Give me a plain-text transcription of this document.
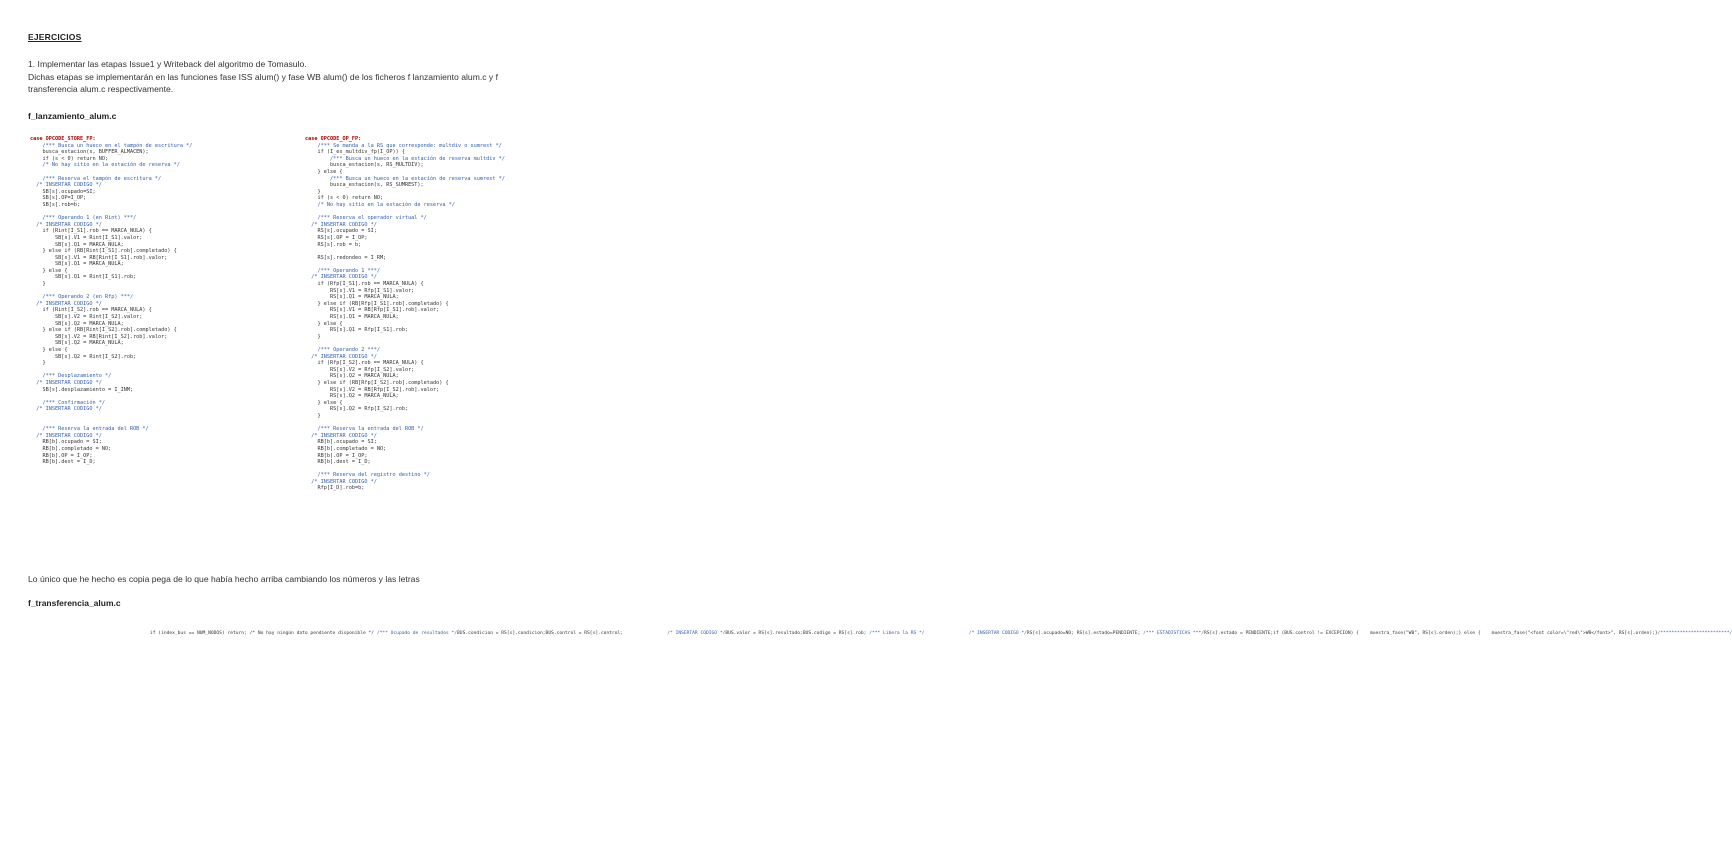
EJERCICIOS
1. Implementar las etapas Issue1 y Writeback del algoritmo de Tomasulo.
Dichas etapas se implementarán en las funciones fase ISS alum() y fase WB alum() de los ficheros f lanzamiento alum.c y f
transferencia alum.c respectivamente.
f_lanzamiento_alum.c
case OPCODE_STORE_FP:
/*** Busca un hueco en el tampón de escritura */
busca_estacion(s, BUFFER_ALMACEN);
if (s < 0) return NO;
/* No hay sitio en la estación de reserva */

/*** Reserva el tampón de escritura */
/* INSERTAR CODIGO */
SB[s].ocupado=SI;
SB[s].OP=I_OP;
SB[s].rob=b;

/*** Operando 1 (en Rint) ***/
/* INSERTAR CODIGO */
if (Rint[I_S1].rob == MARCA_NULA) {
SB[s].V1 = Rint[I_S1].valor;
SB[s].Q1 = MARCA_NULA;
} else if (RB[Rint[I_S1].rob].completado) {
SB[s].V1 = RB[Rint[I_S1].rob].valor;
SB[s].Q1 = MARCA_NULA;
} else {
SB[s].Q1 = Rint[I_S1].rob;
}

/*** Operando 2 (en Rfp) ***/
/* INSERTAR CODIGO */
if (Rint[I_S2].rob == MARCA_NULA) {
SB[s].V2 = Rint[I_S2].valor;
SB[s].Q2 = MARCA_NULA;
} else if (RB[Rint[I_S2].rob].completado) {
SB[s].V2 = RB[Rint[I_S2].rob].valor;
SB[s].Q2 = MARCA_NULA;
} else {
SB[s].Q2 = Rint[I_S2].rob;
}

/*** Desplazamiento */
/* INSERTAR CODIGO */
SB[s].desplazamiento = I_INM;

/*** Confirmación */
/* INSERTAR CODIGO */

/*** Reserva la entrada del ROB */
/* INSERTAR CODIGO */
RB[b].ocupado = SI;
RB[b].completado = NO;
RB[b].OP = I_OP;
RB[b].dest = I_D;
case OPCODE_OP_FP:
/*** Se manda a la RS que corresponde: multdiv o sumrest */
if (I_es_multdiv_fp(I_OP)) {
/*** Busca un hueco en la estación de reserva multdiv */
busca_estacion(s, RS_MULTDIV);
} else {
/*** Busca un hueco en la estación de reserva sumrest */
busca_estacion(s, RS_SUMREST);
}
if (s < 0) return NO;
/* No hay sitio en la estación de reserva */

/*** Reserva el operador virtual */
/* INSERTAR CODIGO */
RS[s].ocupado = SI;
RS[s].OP = I_OP;
RS[s].rob = b;

RS[s].redondeo = I_RM;

/*** Operando 1 ***/
/* INSERTAR CODIGO */
if (Rfp[I_S1].rob == MARCA_NULA) {
RS[s].V1 = Rfp[I_S1].valor;
RS[s].Q1 = MARCA_NULA;
} else if (RB[Rfp[I_S1].rob].completado) {
RS[s].V1 = RB[Rfp[I_S1].rob].valor;
RS[s].Q1 = MARCA_NULA;
} else {
RS[s].Q1 = Rfp[I_S1].rob;
}

/*** Operando 2 ***/
/* INSERTAR CODIGO */
if (Rfp[I_S2].rob == MARCA_NULA) {
RS[s].V2 = Rfp[I_S2].valor;
RS[s].Q2 = MARCA_NULA;
} else if (RB[Rfp[I_S2].rob].completado) {
RS[s].V2 = RB[Rfp[I_S2].rob].valor;
RS[s].Q2 = MARCA_NULA;
} else {
RS[s].Q2 = Rfp[I_S2].rob;
}

/*** Reserva la entrada del ROB */
/* INSERTAR CODIGO */
RB[b].ocupado = SI;
RB[b].completado = NO;
RB[b].OP = I_OP;
RB[b].dest = I_D;

/*** Reserva del registro destino */
/* INSERTAR CODIGO */
Rfp[I_D].rob=b;
Lo único que he hecho es copia pega de lo que había hecho arriba cambiando los números y las letras
f_transferencia_alum.c
if (index_bus == NUM_NODOS) return; /* No hay ningún dato pendiente disponible */ /*** Ocupado de resultados */BUS.condicion = RS[s].condicion;BUS.control = RS[s].control;                /* INSERTAR CODIGO */BUS.valor = RS[s].resultado;BUS.codigo = RS[s].rob; /*** Libera la RS */                /* INSERTAR CODIGO */RS[s].ocupado=NO; RS[s].estado=PENDIENTE; /*** ESTADISTICAS ***/RS[s].estado = PENDIENTE;if (BUS.control != EXCEPCION) {    muestra_fase("WB", RS[s].orden);} else {    muestra_fase("<font color=\"red\">WB</font>", RS[s].orden);}/*************************/
